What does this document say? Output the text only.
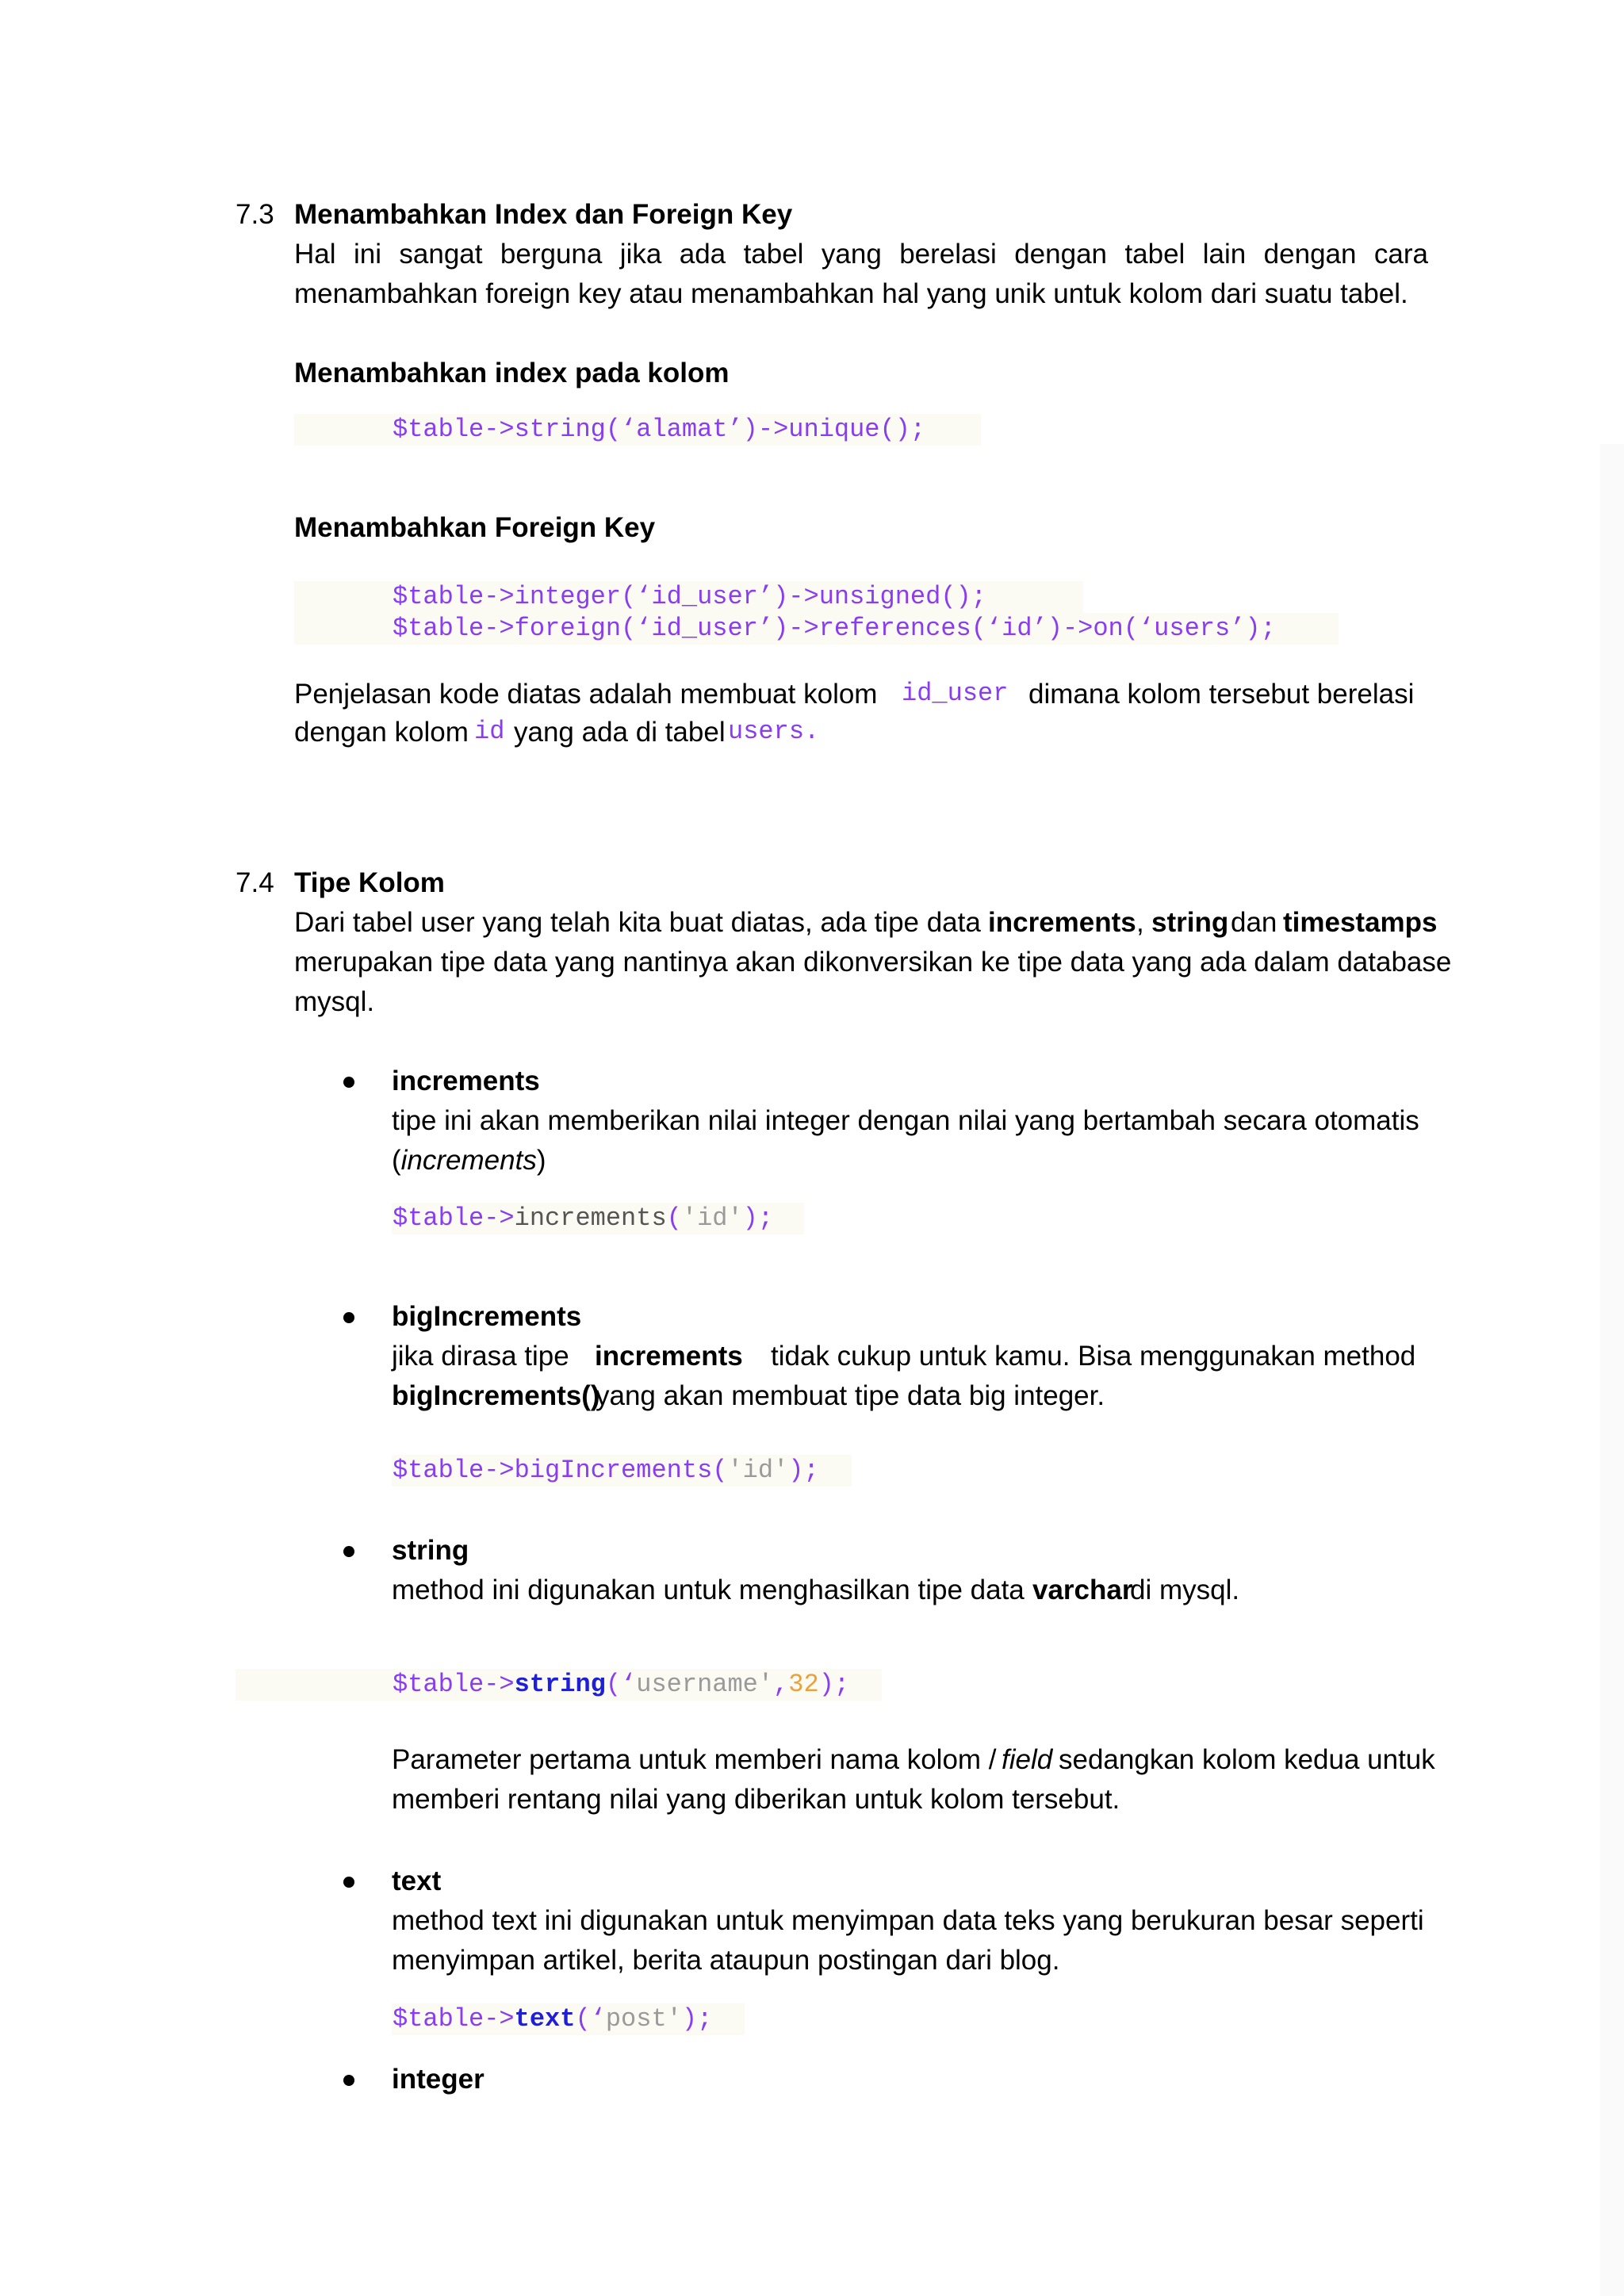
7.3 Menambahkan Index dan Foreign Key
Hal ini sangat berguna jika ada tabel yang berelasi dengan tabel lain dengan cara
menambahkan foreign key atau menambahkan hal yang unik untuk kolom dari suatu tabel.
Menambahkan index pada kolom
$table->string(‘alamat’)->unique();
Menambahkan Foreign Key
$table->integer(‘id_user’)->unsigned();
$table->foreign(‘id_user’)->references(‘id’)->on(‘users’);
Penjelasan kode diatas adalah membuat kolom id_user dimana kolom tersebut berelasi
dengan kolom id yang ada di tabel users.
7.4 Tipe Kolom
Dari tabel user yang telah kita buat diatas, ada tipe data increments , string dan timestamps
merupakan tipe data yang nantinya akan dikonversikan ke tipe data yang ada dalam database
mysql.
increments
tipe ini akan memberikan nilai integer dengan nilai yang bertambah secara otomatis
(increments)
$table->increments('id');
bigIncrements
jika dirasa tipe increments tidak cukup untuk kamu. Bisa menggunakan method
bigIncrements()
yang akan membuat tipe data big integer.
$table->bigIncrements('id');
string
method ini digunakan untuk menghasilkan tipe data varchar
di mysql.
$table->string(‘username',32);
Parameter pertama untuk memberi nama kolom / field sedangkan kolom kedua untuk
memberi rentang nilai yang diberikan untuk kolom tersebut.
text
method text ini digunakan untuk menyimpan data teks yang berukuran besar seperti
menyimpan artikel, berita ataupun postingan dari blog.
$table->text(‘post');
integer
